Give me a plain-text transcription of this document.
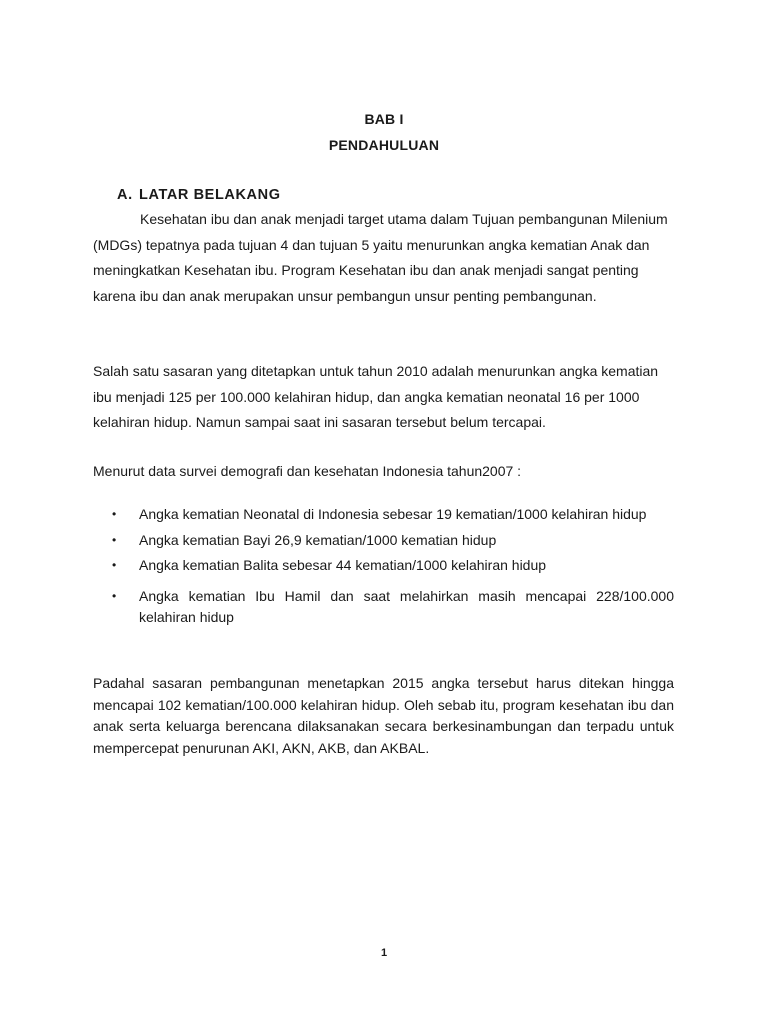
BAB I
PENDAHULUAN
A. LATAR BELAKANG

Kesehatan ibu dan anak menjadi target utama dalam Tujuan pembangunan Milenium (MDGs) tepatnya pada tujuan 4 dan tujuan 5 yaitu menurunkan angka kematian Anak dan meningkatkan Kesehatan ibu. Program Kesehatan ibu dan anak menjadi sangat penting karena ibu dan anak merupakan unsur pembangun unsur penting pembangunan.

Salah satu sasaran yang ditetapkan untuk tahun 2010 adalah menurunkan angka kematian ibu menjadi 125 per 100.000 kelahiran hidup, dan angka kematian neonatal 16 per 1000 kelahiran hidup. Namun sampai saat ini sasaran tersebut belum tercapai.

Menurut data survei demografi dan kesehatan Indonesia tahun2007 :

• Angka kematian Neonatal di Indonesia sebesar 19 kematian/1000 kelahiran hidup
• Angka kematian Bayi 26,9 kematian/1000 kematian hidup
• Angka kematian Balita sebesar 44 kematian/1000 kelahiran hidup
• Angka kematian Ibu Hamil dan saat melahirkan masih mencapai 228/100.000 kelahiran hidup

Padahal sasaran pembangunan menetapkan 2015 angka tersebut harus ditekan hingga mencapai 102 kematian/100.000 kelahiran hidup. Oleh sebab itu, program kesehatan ibu dan anak serta keluarga berencana dilaksanakan secara berkesinambungan dan terpadu untuk mempercepat penurunan AKI, AKN, AKB, dan AKBAL.

1
